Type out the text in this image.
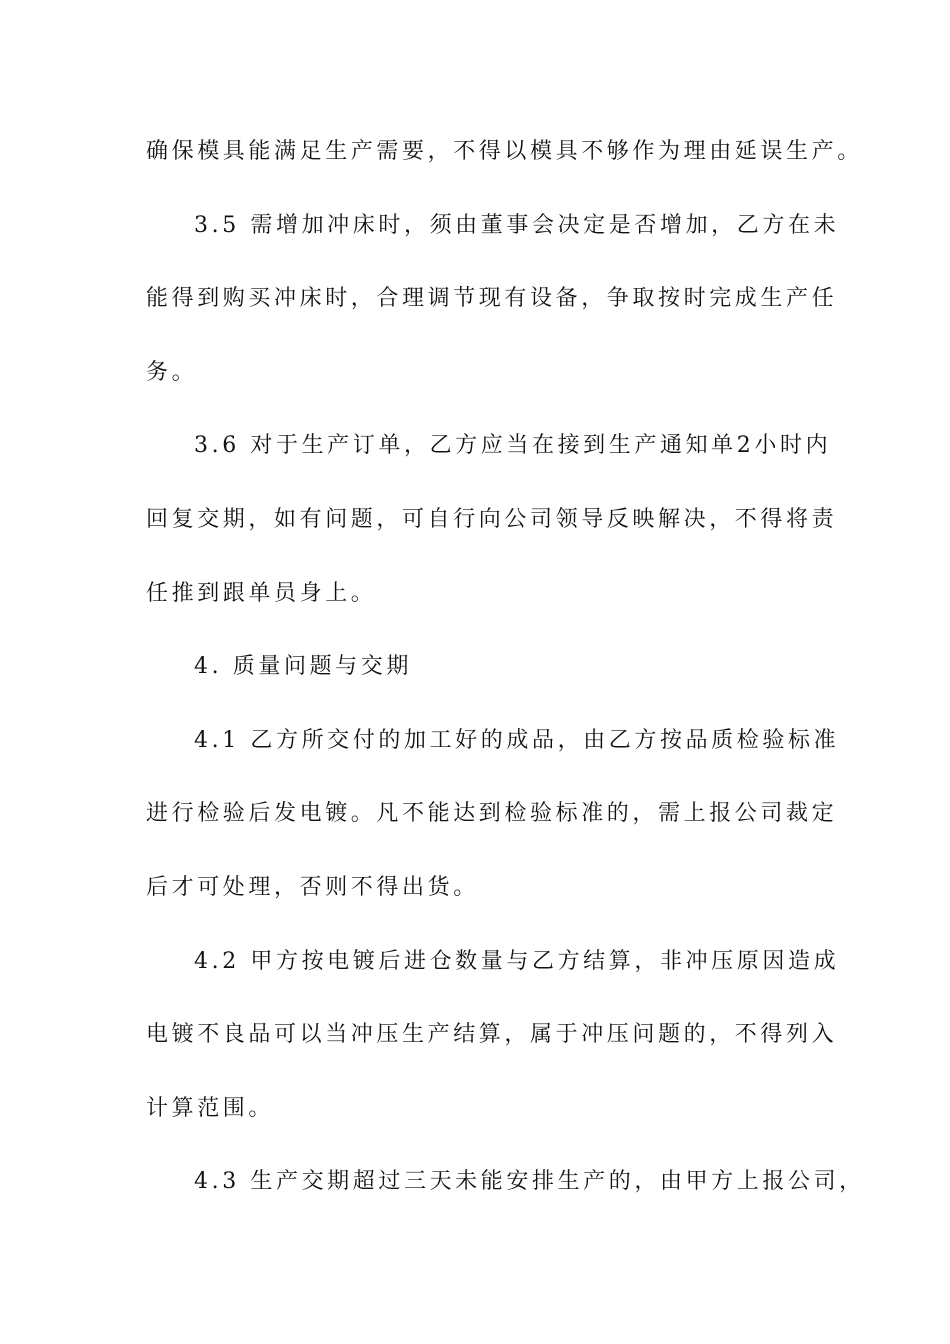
确保模具能满足生产需要，不得以模具不够作为理由延误生产。
3.5 需增加冲床时，须由董事会决定是否增加，乙方在未
能得到购买冲床时，合理调节现有设备，争取按时完成生产任
务。
3.6 对于生产订单，乙方应当在接到生产通知单2小时内
回复交期，如有问题，可自行向公司领导反映解决，不得将责
任推到跟单员身上。
4. 质量问题与交期
4.1 乙方所交付的加工好的成品，由乙方按品质检验标准
进行检验后发电镀。凡不能达到检验标准的，需上报公司裁定
后才可处理，否则不得出货。
4.2 甲方按电镀后进仓数量与乙方结算，非冲压原因造成
电镀不良品可以当冲压生产结算，属于冲压问题的，不得列入
计算范围。
4.3 生产交期超过三天未能安排生产的，由甲方上报公司，
